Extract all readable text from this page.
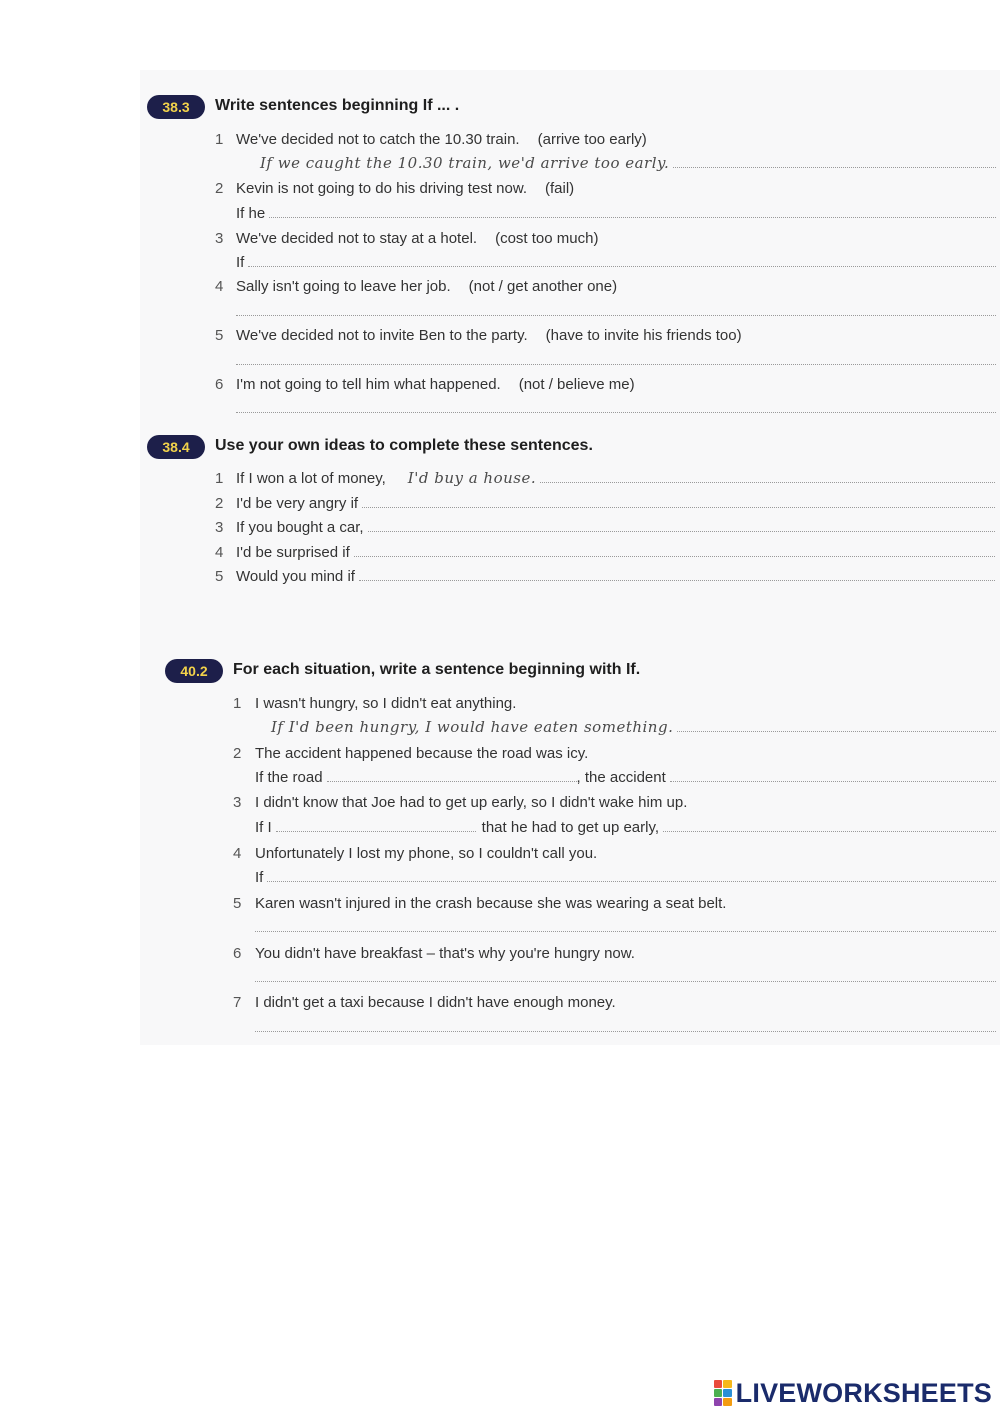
38.3	Write sentences beginning If ... .
1 We've decided not to catch the 10.30 train. (arrive too early)
If we caught the 10.30 train, we'd arrive too early.
2 Kevin is not going to do his driving test now. (fail)
If he
3 We've decided not to stay at a hotel. (cost too much)
If
4 Sally isn't going to leave her job. (not / get another one)
5 We've decided not to invite Ben to the party. (have to invite his friends too)
6 I'm not going to tell him what happened. (not / believe me)
38.4	Use your own ideas to complete these sentences.
1 If I won a lot of money, I'd buy a house.
2 I'd be very angry if
3 If you bought a car,
4 I'd be surprised if
5 Would you mind if
40.2	For each situation, write a sentence beginning with If.
1 I wasn't hungry, so I didn't eat anything.
If I'd been hungry, I would have eaten something.
2 The accident happened because the road was icy.
If the road	, the accident
3 I didn't know that Joe had to get up early, so I didn't wake him up.
If I	that he had to get up early,
4 Unfortunately I lost my phone, so I couldn't call you.
If
5 Karen wasn't injured in the crash because she was wearing a seat belt.
6 You didn't have breakfast – that's why you're hungry now.
7 I didn't get a taxi because I didn't have enough money.
LIVEWORKSHEETS
